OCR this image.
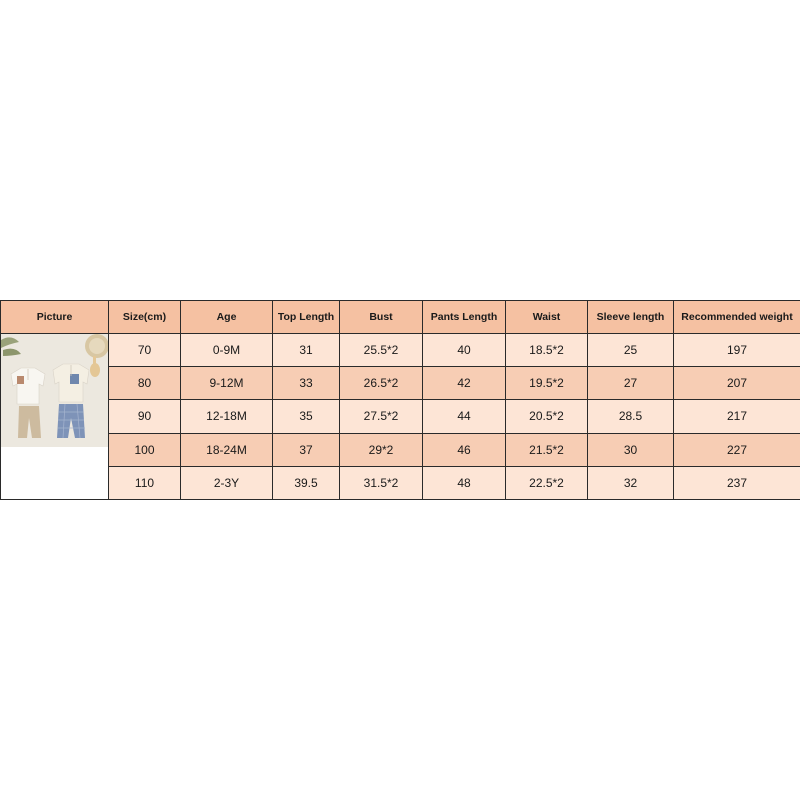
Picture	Size(cm)	Age	Top Length	Bust	Pants Length	Waist	Sleeve length	Recommended weight

	70	0-9M	31	25.5*2	40	18.5*2	25	197
	80	9-12M	33	26.5*2	42	19.5*2	27	207
	90	12-18M	35	27.5*2	44	20.5*2	28.5	217
	100	18-24M	37	29*2	46	21.5*2	30	227
	110	2-3Y	39.5	31.5*2	48	22.5*2	32	237
